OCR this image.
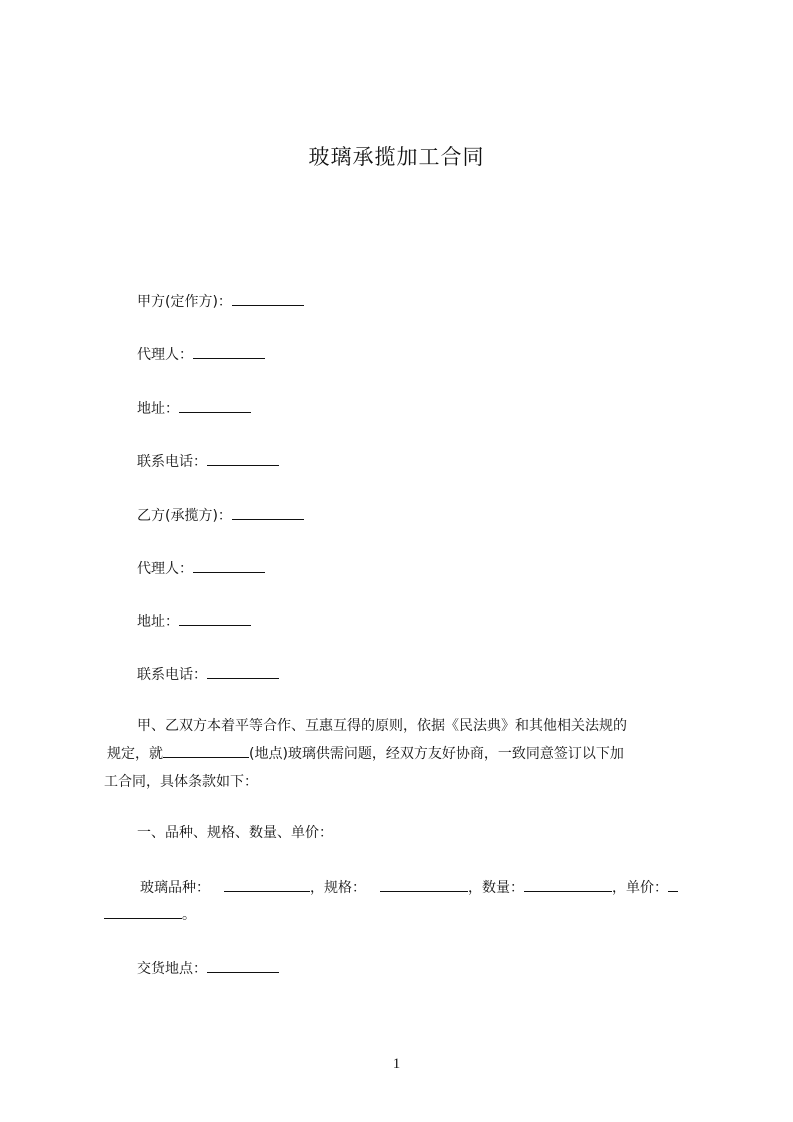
玻璃承揽加工合同
甲方(定作方)：
代理人：
地址：
联系电话：
乙方(承揽方)：
代理人：
地址：
联系电话：
甲、乙双方本着平等合作、互惠互得的原则，依据《民法典》和其他相关法规的
规定，就	(地点)玻璃供需问题，经双方友好协商，一致同意签订以下加
工合同，具体条款如下：
一、品种、规格、数量、单价：
玻璃品种：	，规格：	，数量：	，单价：
。
交货地点：
1
